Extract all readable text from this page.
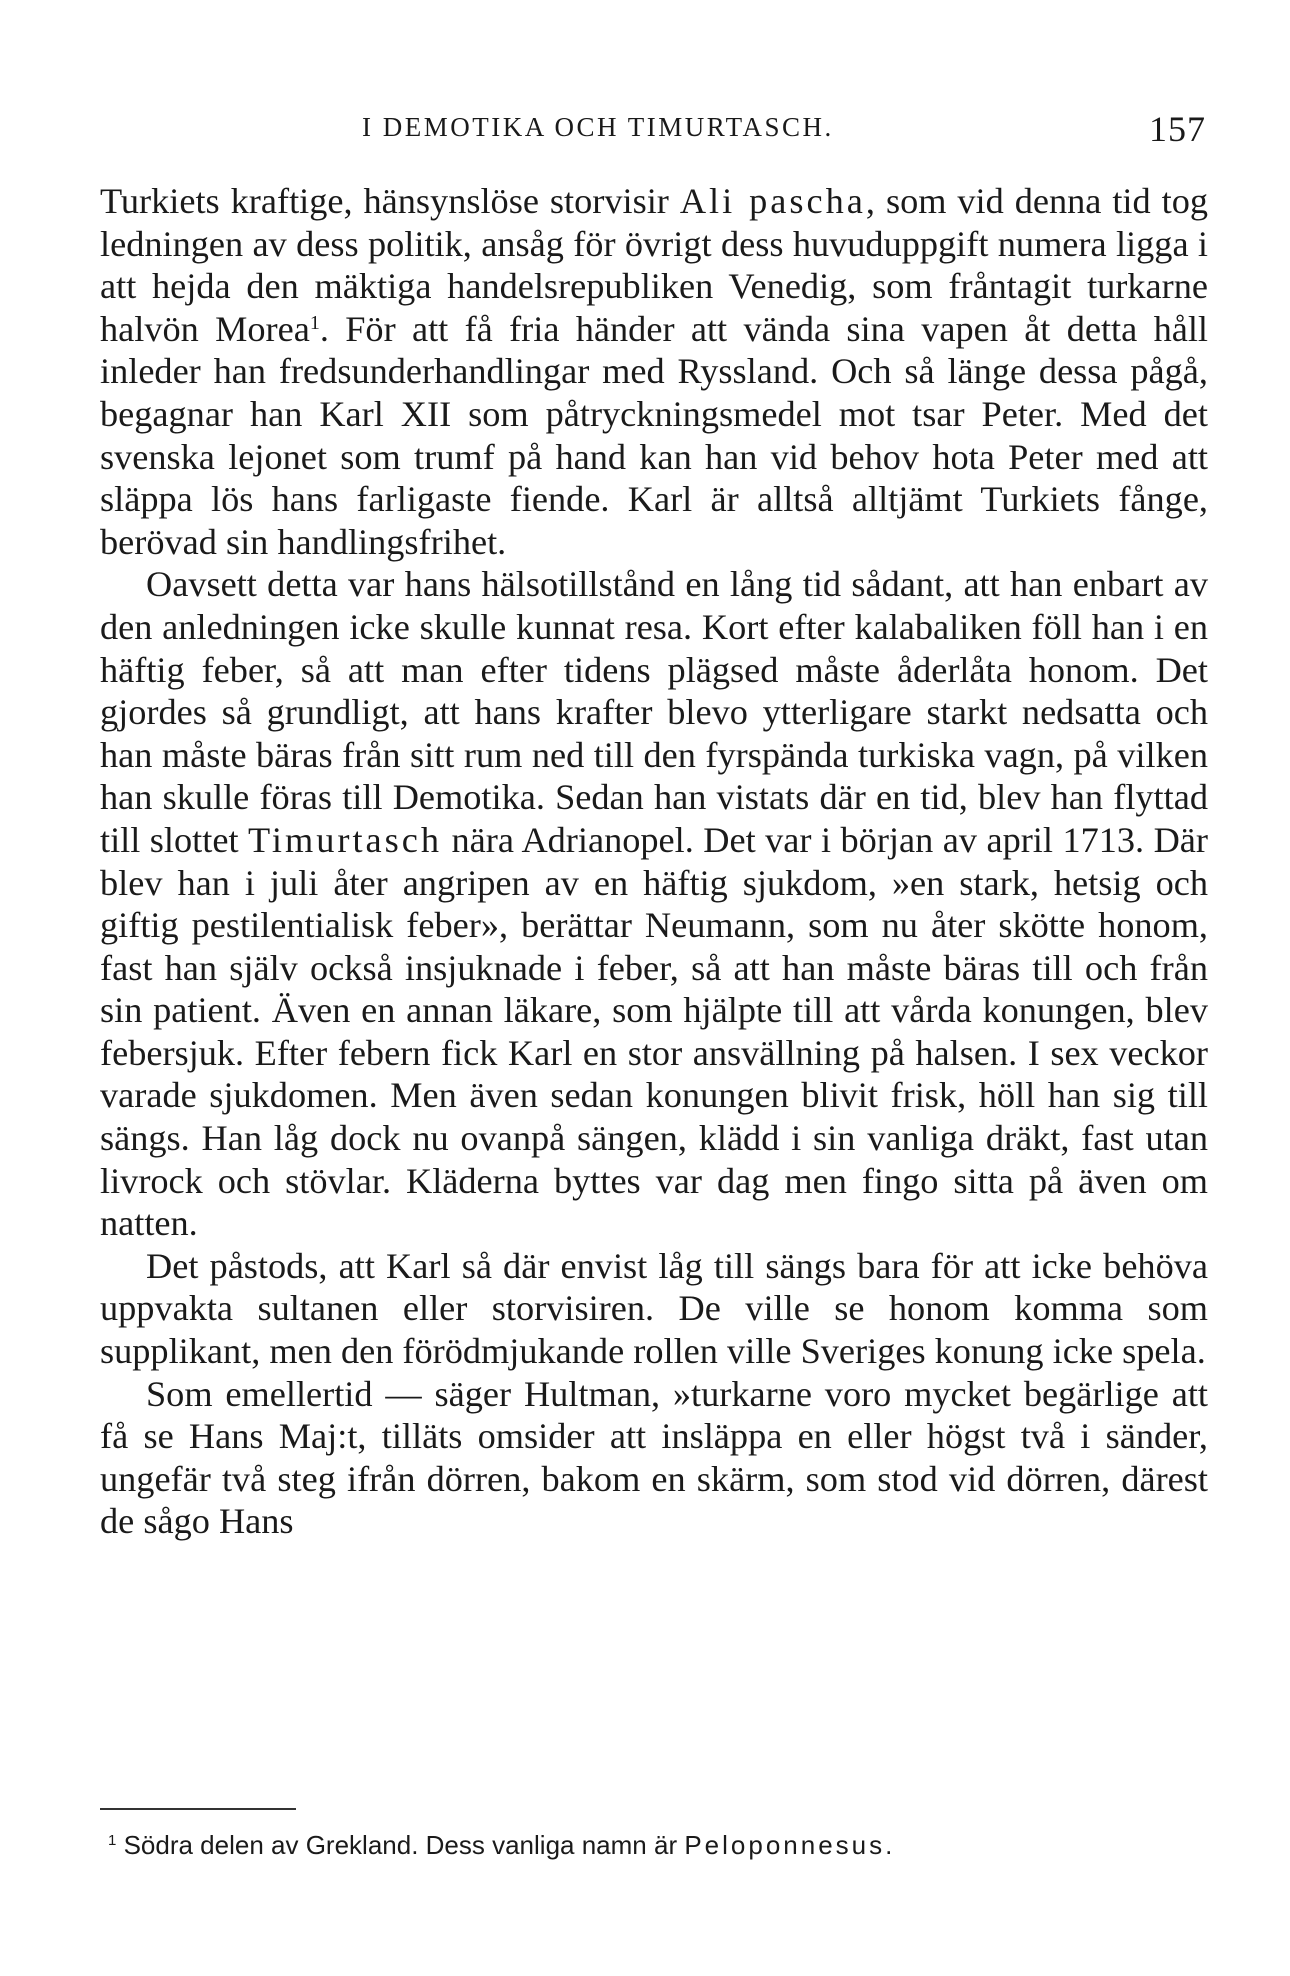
I DEMOTIKA OCH TIMURTASCH.	157

Turkiets kraftige, hänsynslöse storvisir Ali pascha, som vid denna tid tog ledningen av dess politik, ansåg för övrigt dess huvuduppgift numera ligga i att hejda den mäktiga handelsrepubliken Venedig, som fråntagit turkarne halvön Morea$^1$. För att få fria händer att vända sina vapen åt detta håll inleder han fredsunderhandlingar med Ryssland. Och så länge dessa pågå, begagnar han Karl XII som påtryckningsmedel mot tsar Peter. Med det svenska lejonet som trumf på hand kan han vid behov hota Peter med att släppa lös hans farligaste fiende. Karl är alltså alltjämt Turkiets fånge, berövad sin handlingsfrihet.

Oavsett detta var hans hälsotillstånd en lång tid sådant, att han enbart av den anledningen icke skulle kunnat resa. Kort efter kalabaliken föll han i en häftig feber, så att man efter tidens plägsed måste åderlåta honom. Det gjordes så grundligt, att hans krafter blevo ytterligare starkt nedsatta och han måste bäras från sitt rum ned till den fyrspända turkiska vagn, på vilken han skulle föras till Demotika. Sedan han vistats där en tid, blev han flyttad till slottet Timurtasch nära Adrianopel. Det var i början av april 1713. Där blev han i juli åter angripen av en häftig sjukdom, »en stark, hetsig och giftig pestilentialisk feber», berättar Neumann, som nu åter skötte honom, fast han själv också insjuknade i feber, så att han måste bäras till och från sin patient. Även en annan läkare, som hjälpte till att vårda konungen, blev febersjuk. Efter febern fick Karl en stor ansvällning på halsen. I sex veckor varade sjukdomen. Men även sedan konungen blivit frisk, höll han sig till sängs. Han låg dock nu ovanpå sängen, klädd i sin vanliga dräkt, fast utan livrock och stövlar. Kläderna byttes var dag men fingo sitta på även om natten.

Det påstods, att Karl så där envist låg till sängs bara för att icke behöva uppvakta sultanen eller storvisiren. De ville se honom komma som supplikant, men den förödmjukande rollen ville Sveriges konung icke spela.

Som emellertid — säger Hultman, »turkarne voro mycket begärlige att få se Hans Maj:t, tilläts omsider att insläppa en eller högst två i sänder, ungefär två steg ifrån dörren, bakom en skärm, som stod vid dörren, därest de sågo Hans

$^1$ Södra delen av Grekland. Dess vanliga namn är Peloponnesus.
